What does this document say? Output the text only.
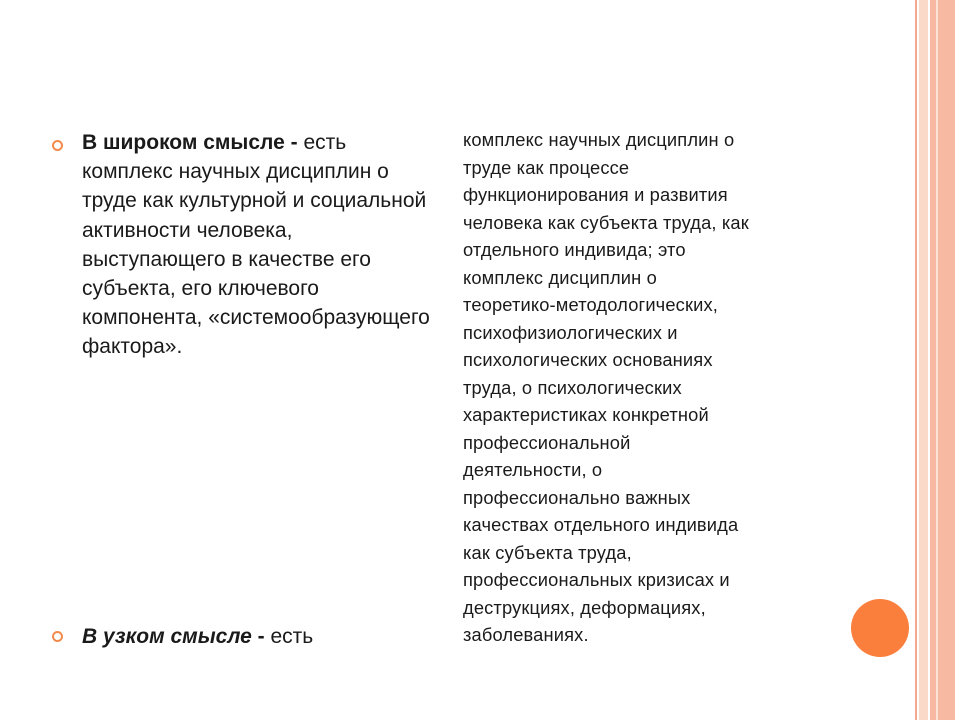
В широком смысле - есть комплекс научных дисциплин о труде как культурной и социальной активности человека, выступающего в качестве его субъекта, его ключевого компонента, «системообразующего фактора».

В узком смысле - есть

комплекс научных дисциплин о
труде как процессе
функционирования и развития
человека как субъекта труда, как
отдельного индивида; это
комплекс дисциплин о
теоретико-методологических,
психофизиологических и
психологических основаниях
труда, о психологических
характеристиках конкретной
профессиональной
деятельности, о
профессионально важных
качествах отдельного индивида
как субъекта труда,
профессиональных кризисах и
деструкциях, деформациях,
заболеваниях.
